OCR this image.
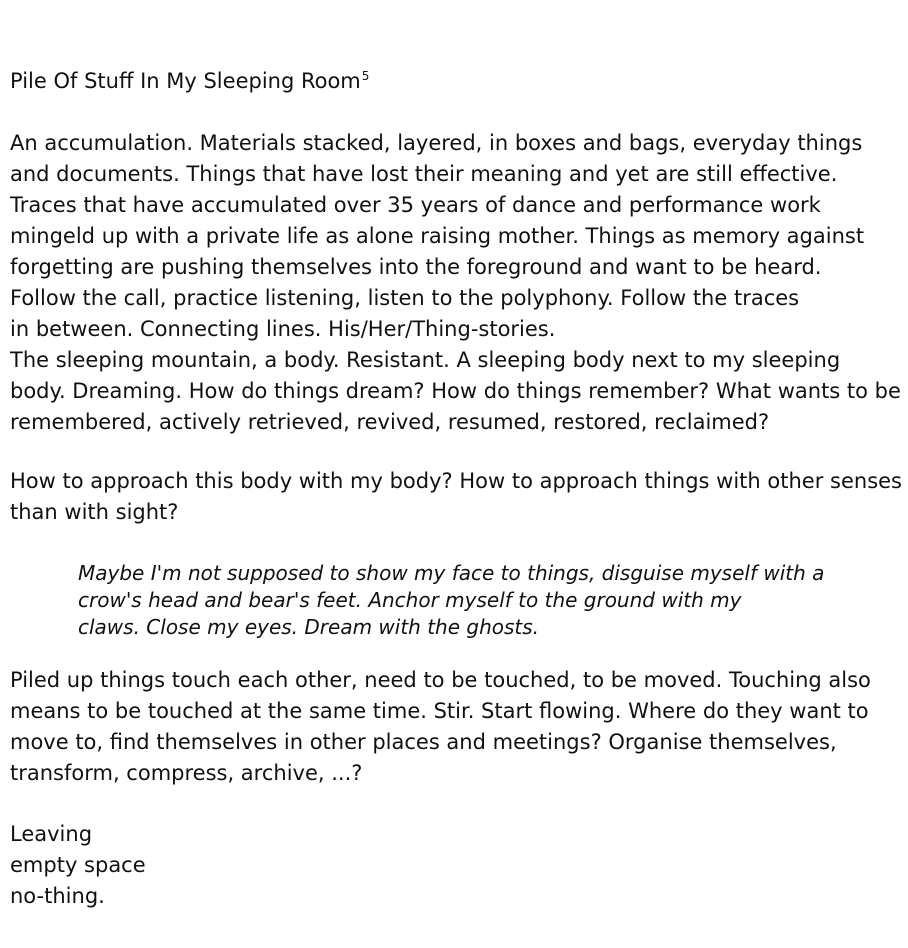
Pile Of Stuff In My Sleeping Room$^5$
An accumulation. Materials stacked, layered, in boxes and bags, everyday things
and documents. Things that have lost their meaning and yet are still effective.
Traces that have accumulated over 35 years of dance and performance work
mingeld up with a private life as alone raising mother. Things as memory against
forgetting are pushing themselves into the foreground and want to be heard.
Follow the call, practice listening, listen to the polyphony. Follow the traces
in between. Connecting lines. His/Her/Thing-stories.
The sleeping mountain, a body. Resistant. A sleeping body next to my sleeping
body. Dreaming. How do things dream? How do things remember? What wants to be
remembered, actively retrieved, revived, resumed, restored, reclaimed?
How to approach this body with my body? How to approach things with other senses
than with sight?
Maybe I'm not supposed to show my face to things, disguise myself with a
crow's head and bear's feet. Anchor myself to the ground with my
claws. Close my eyes. Dream with the ghosts.
Piled up things touch each other, need to be touched, to be moved. Touching also
means to be touched at the same time. Stir. Start flowing. Where do they want to
move to, find themselves in other places and meetings? Organise themselves,
transform, compress, archive, ...?
Leaving
empty space
no-thing.
